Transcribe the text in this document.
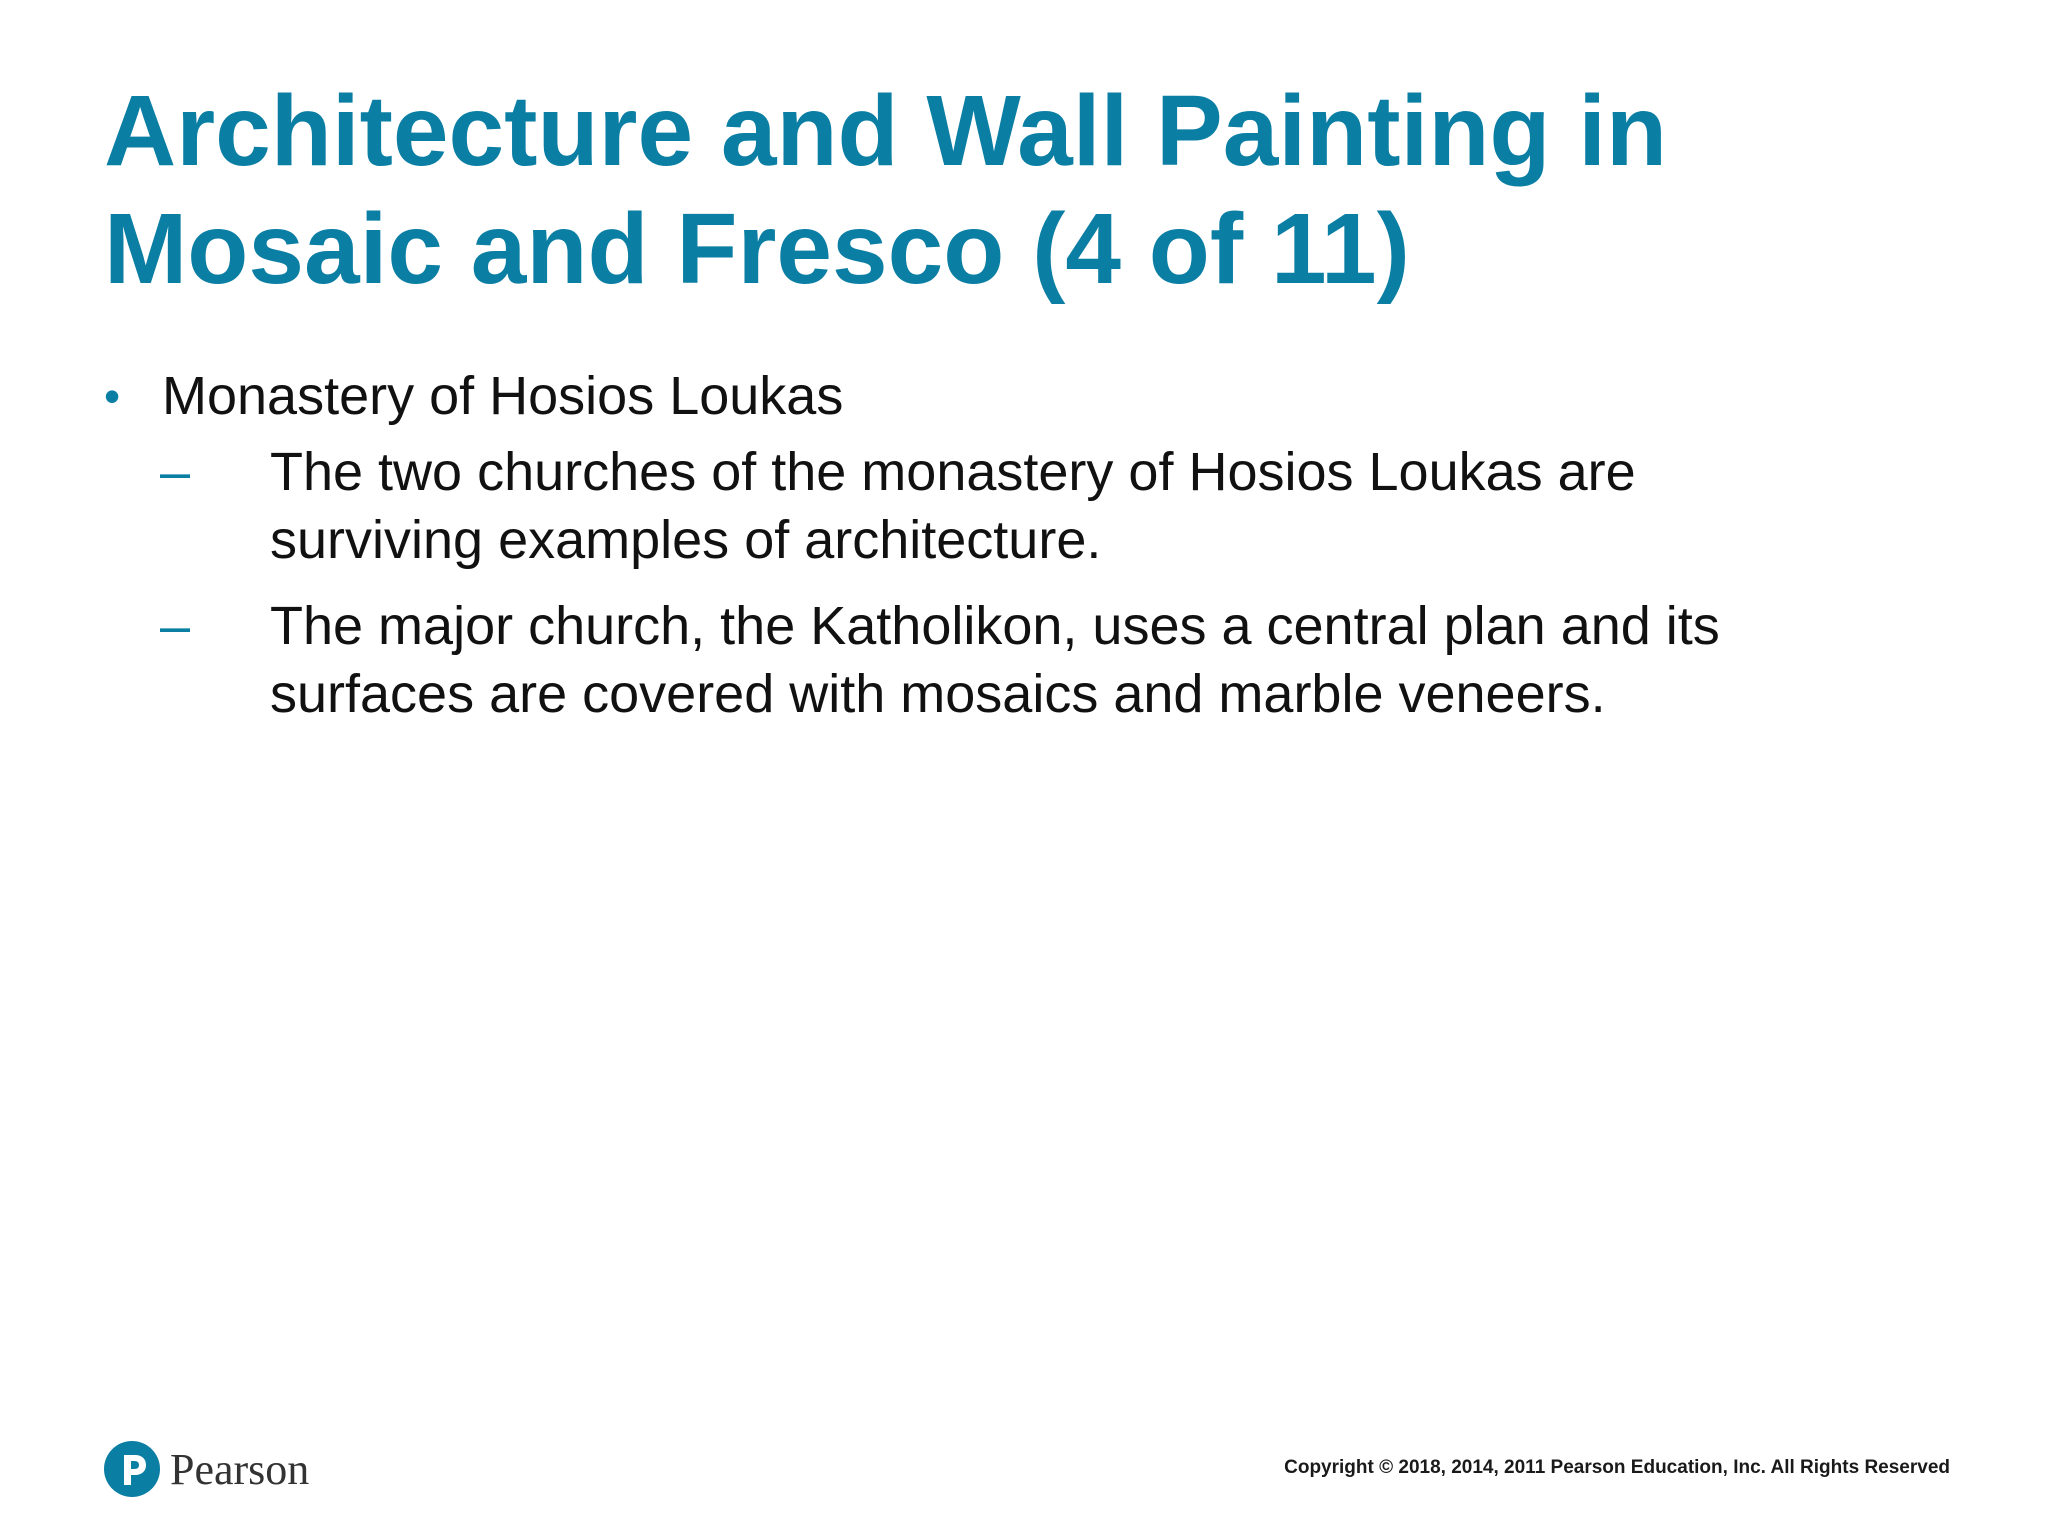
Architecture and Wall Painting in
Mosaic and Fresco (4 of 11)
• Monastery of Hosios Loukas
– The two churches of the monastery of Hosios Loukas are surviving examples of architecture.
– The major church, the Katholikon, uses a central plan and its surfaces are covered with mosaics and marble veneers.
Pearson	Copyright © 2018, 2014, 2011 Pearson Education, Inc. All Rights Reserved
